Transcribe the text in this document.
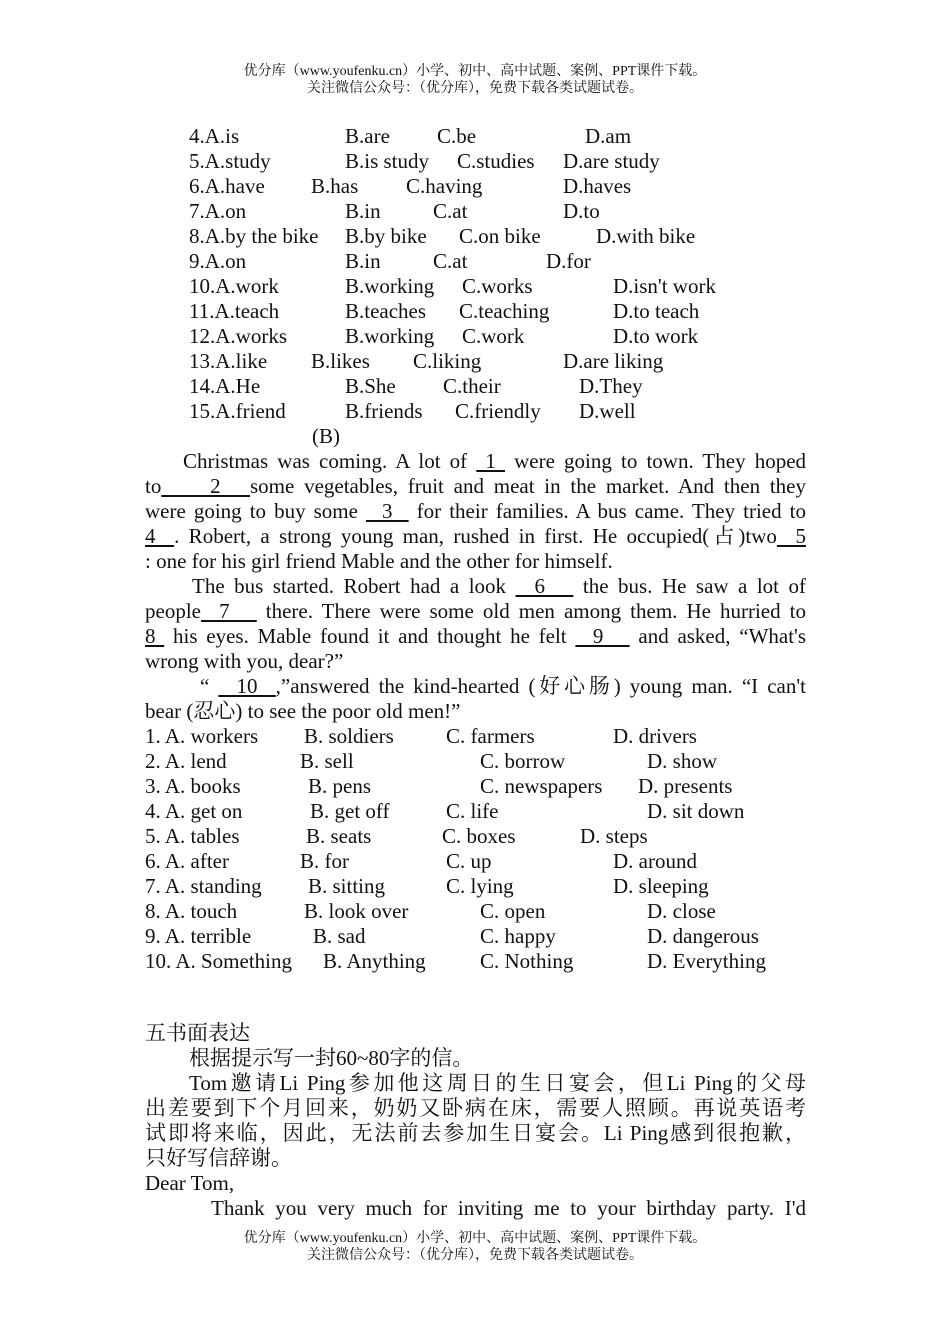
优分库（www.youfenku.cn）小学、初中、高中试题、案例、PPT课件下载。
关注微信公众号：（优分库），免费下载各类试题试卷。
4.A.is	B.are C.be	D.am
5.A.study	B.is study C.studies D.are study
6.A.have B.has C.having	D.haves
7.A.on	B.in C.at	D.to
8.A.by the bike B.by bike C.on bike	D.with bike
9.A.on	B.in C.at	D.for
10.A.work	B.working C.works	D.isn't work
11.A.teach	B.teaches C.teaching	D.to teach
12.A.works	B.working C.work	D.to work
13.A.like B.likes C.liking	D.are liking
14.A.He	B.She C.their	D.They
15.A.friend	B.friends C.friendly D.well
(B)
Christmas was coming. A lot of  1  were going to town. They hoped
to     2   some vegetables, fruit and meat in the market. And then they
were going to buy some   3   for their families. A bus came. They tried to
4  . Robert, a strong young man, rushed in first. He occupied(占)two  5
: one for his girl friend Mable and the other for himself.
The bus started. Robert had a look   6    the bus. He saw a lot of
people  7    there. There were some old men among them. He hurried to
8  his eyes. Mable found it and thought he felt   9    and asked, “What's
wrong with you, dear?”
“   10  ,”answered the kind-hearted (好心肠) young man. “I can't
bear (忍心) to see the poor old men!”
1. A. workers B. soldiers C. farmers	D. drivers
2. A. lend	B. sell	C. borrow	D. show
3. A. books	B. pens	C. newspapers D. presents
4. A. get on	B. get off	C. life	D. sit down
5. A. tables	B. seats	C. boxes	D. steps
6. A. after	B. for	C. up	D. around
7. A. standing B. sitting	C. lying	D. sleeping
8. A. touch	B. look over	C. open	D. close
9. A. terrible	B. sad	C. happy	D. dangerous
10. A. Something B. Anything	C. Nothing	D. Everything
五书面表达
根据提示写一封60~80字的信。
Tom邀请Li Ping参加他这周日的生日宴会，但Li Ping的父母
出差要到下个月回来，奶奶又卧病在床，需要人照顾。再说英语考
试即将来临，因此，无法前去参加生日宴会。Li Ping感到很抱歉，
只好写信辞谢。
Dear Tom,
Thank you very much for inviting me to your birthday party. I'd
优分库（www.youfenku.cn）小学、初中、高中试题、案例、PPT课件下载。
关注微信公众号：（优分库），免费下载各类试题试卷。
